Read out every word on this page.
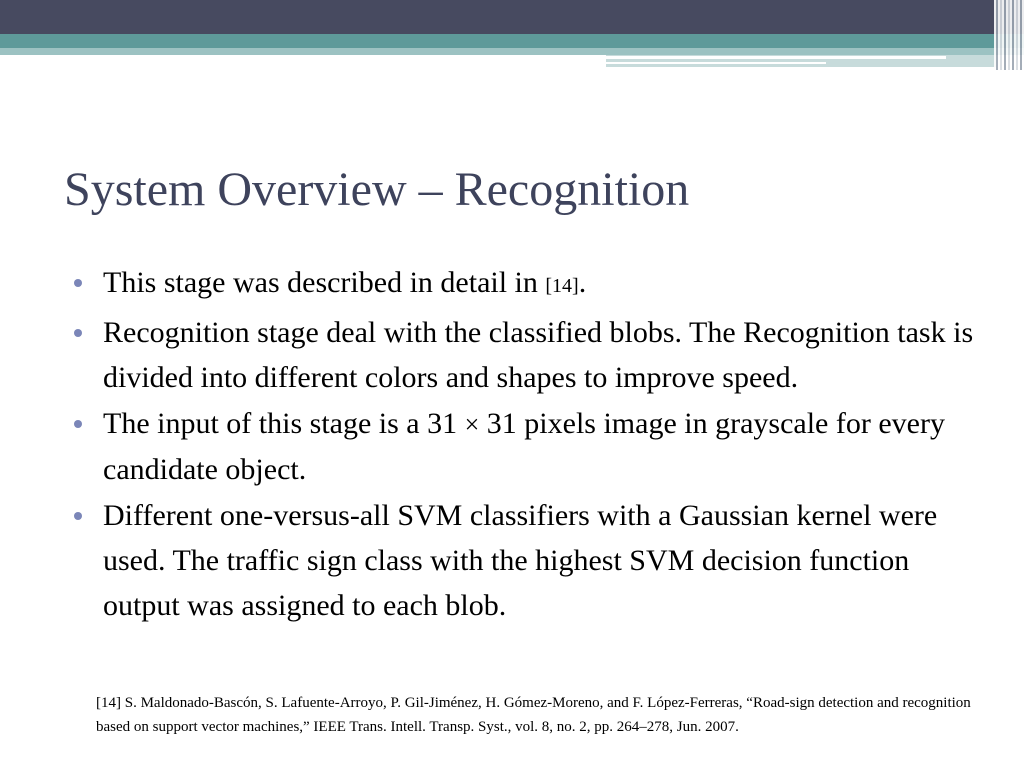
System Overview – Recognition
This stage was described in detail in [14].
Recognition stage deal with the classified blobs. The Recognition task is divided into different colors and shapes to improve speed.
The input of this stage is a 31 × 31 pixels image in grayscale for every candidate object.
Different one-versus-all SVM classifiers with a Gaussian kernel were used. The traffic sign class with the highest SVM decision function output was assigned to each blob.

[14] S. Maldonado-Bascón, S. Lafuente-Arroyo, P. Gil-Jiménez, H. Gómez-Moreno, and F. López-Ferreras, “Road-sign detection and recognition based on support vector machines,” IEEE Trans. Intell. Transp. Syst., vol. 8, no. 2, pp. 264–278, Jun. 2007.
